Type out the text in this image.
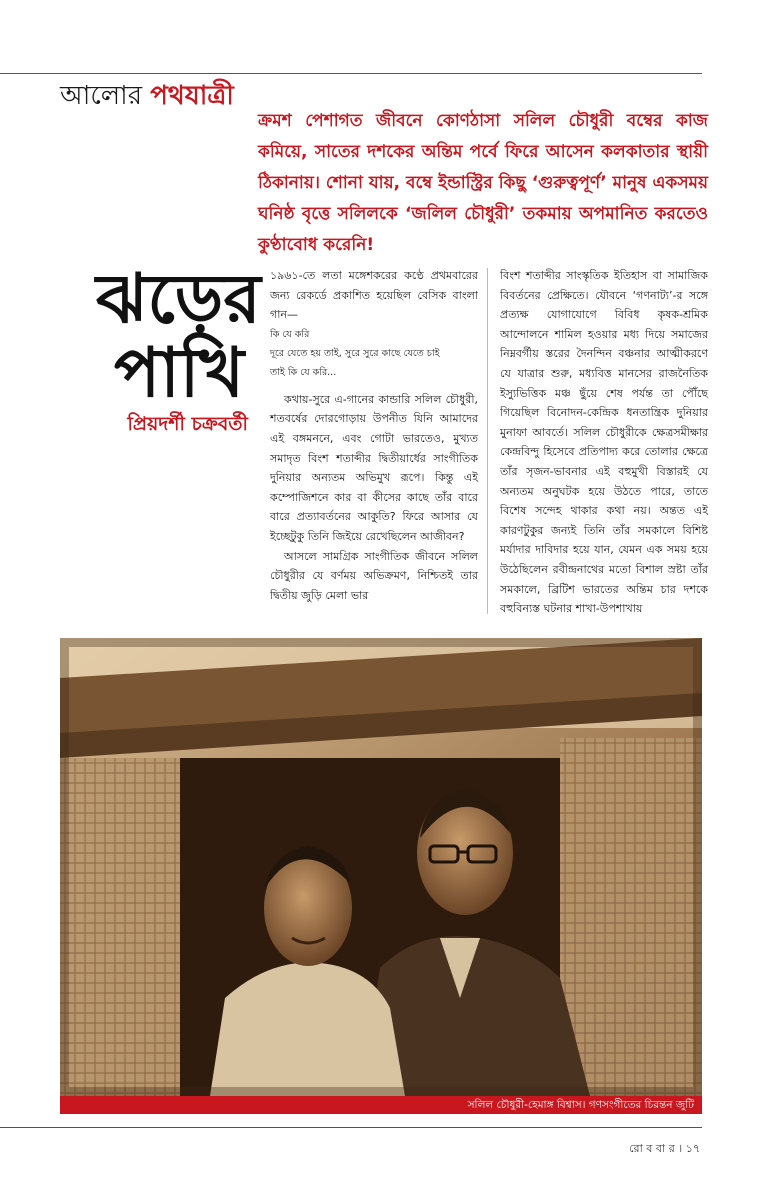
আলোর পথযাত্রী

ক্রমশ পেশাগত জীবনে কোণঠাসা সলিল চৌধুরী বম্বের কাজ কমিয়ে, সাতের দশকের অন্তিম পর্বে ফিরে আসেন কলকাতার স্থায়ী ঠিকানায়। শোনা যায়, বম্বে ইন্ডাস্ট্রির কিছু ‘গুরুত্বপূর্ণ’ মানুষ একসময় ঘনিষ্ঠ বৃত্তে সলিলকে ‘জলিল চৌধুরী’ তকমায় অপমানিত করতেও কুণ্ঠাবোধ করেনি!

ঝড়ের
পাখি

প্রিয়দর্শী চক্রবর্তী

১৯৬১-তে লতা মঙ্গেশকরের কণ্ঠে প্রথমবারের জন্য রেকর্ডে প্রকাশিত হয়েছিল বেসিক বাংলা গান—

কি যে করি

দূরে যেতে হয় তাই, সুরে সুরে কাছে যেতে চাই

তাই কি যে করি...

কথায়-সুরে এ-গানের কান্ডারি সলিল চৌধুরী, শতবর্ষের দোরগোড়ায় উপনীত যিনি আমাদের এই বঙ্গমননে, এবং গোটা ভারতেও, মুখ্যত সমাদৃত বিংশ শতাব্দীর দ্বিতীয়ার্ধের সাংগীতিক দুনিয়ার অন্যতম অভিমুখ রূপে। কিন্তু এই কম্পোজিশনে কার বা কীসের কাছে তাঁর বারে বারে প্রত্যাবর্তনের আকুতি? ফিরে আসার যে ইচ্ছেটুকু তিনি জিইয়ে রেখেছিলেন আজীবন?

আসলে সামগ্রিক সাংগীতিক জীবনে সলিল চৌধুরীর যে বর্ণময় অভিক্রমণ, নিশ্চিতই তার দ্বিতীয় জুড়ি মেলা ভার

বিংশ শতাব্দীর সাংস্কৃতিক ইতিহাস বা সামাজিক বিবর্তনের প্রেক্ষিতে। যৌবনে ‘গণনাট্য’-র সঙ্গে প্রত্যক্ষ যোগাযোগে বিবিধ কৃষক-শ্রমিক আন্দোলনে শামিল হওয়ার মধ্য দিয়ে সমাজের নিম্নবর্গীয় স্তরের দৈনন্দিন বঞ্চনার আত্মীকরণে যে যাত্রার শুরু, মধ্যবিত্ত মানসের রাজনৈতিক ইস্যুভিত্তিক মঞ্চ ছুঁয়ে শেষ পর্যন্ত তা পৌঁছে গিয়েছিল বিনোদন-কেন্দ্রিক ধনতান্ত্রিক দুনিয়ার মুনাফা আবর্তে। সলিল চৌধুরীকে ক্ষেত্রসমীক্ষার কেন্দ্রবিন্দু হিসেবে প্রতিপাদ্য করে তোলার ক্ষেত্রে তাঁর সৃজন-ভাবনার এই বহুমুখী বিস্তারই যে অন্যতম অনুঘটক হয়ে উঠতে পারে, তাতে বিশেষ সন্দেহ থাকার কথা নয়। অন্তত এই কারণটুকুর জন্যই তিনি তাঁর সমকালে বিশিষ্ট মর্যাদার দাবিদার হয়ে যান, যেমন এক সময় হয়ে উঠেছিলেন রবীন্দ্রনাথের মতো বিশাল স্রষ্টা তাঁর সমকালে, ব্রিটিশ ভারতের অন্তিম চার দশকে বহুবিন্যস্ত ঘটনার শাখা-উপশাখায়

সলিল চৌধুরী-হেমাঙ্গ বিশ্বাস। গণসংগীতের চিরন্তন জুটি
রো ব বা র । ১৭
